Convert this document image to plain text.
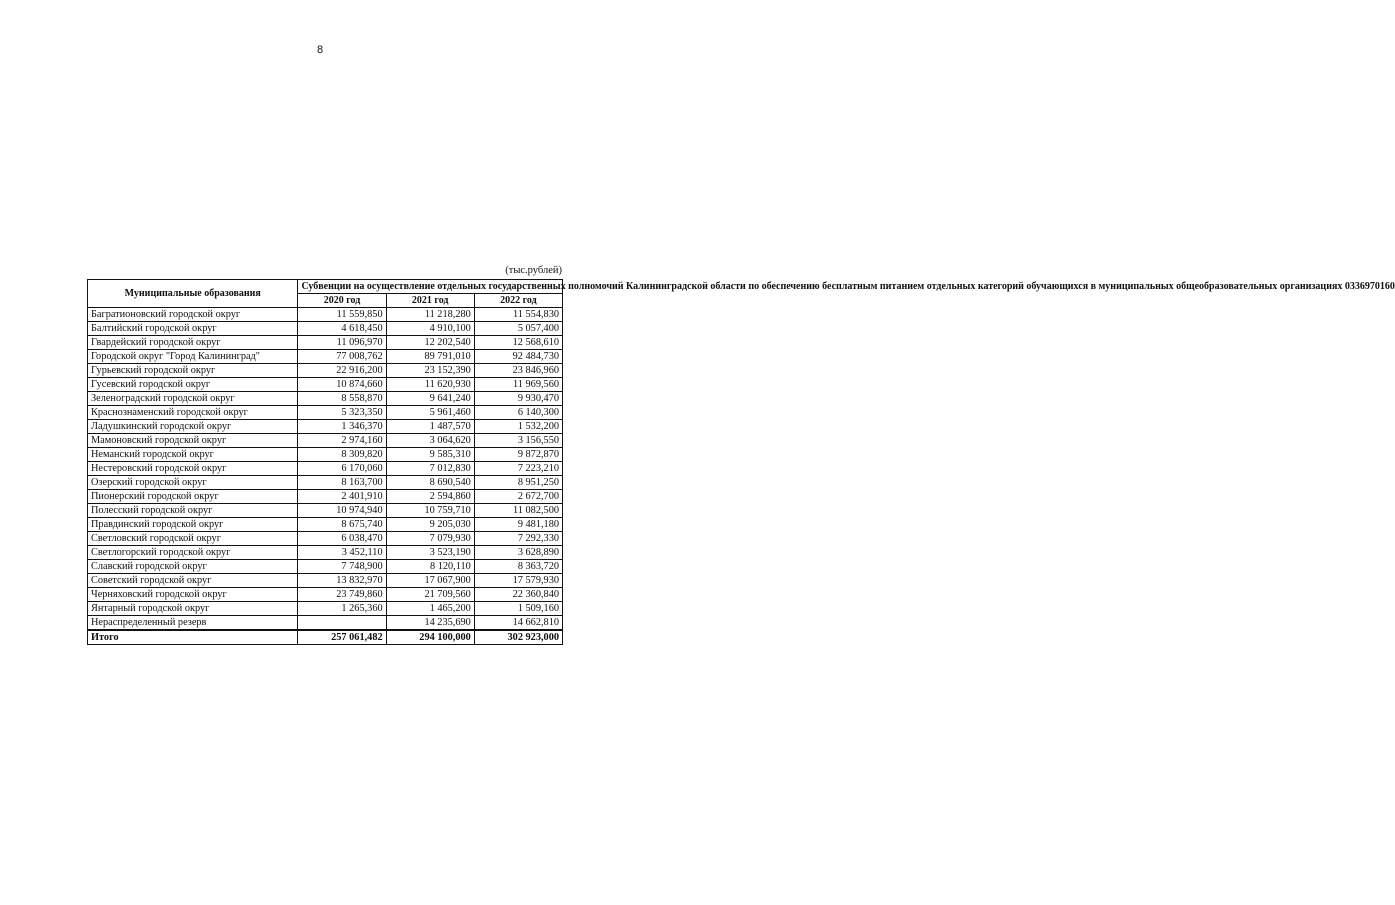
8
(тыс.рублей)
Муниципальные образования	Субвенции на осуществление отдельных государственных полномочий Калининградской области по обеспечению бесплатным питанием отдельных категорий обучающихся в муниципальных общеобразовательных организациях 0336970160		
	2020 год	2021 год	2022 год
Багратионовский городской округ	11 559,850	11 218,280	11 554,830
Балтийский городской округ	4 618,450	4 910,100	5 057,400
Гвардейский городской округ	11 096,970	12 202,540	12 568,610
Городской округ "Город Калининград"	77 008,762	89 791,010	92 484,730
Гурьевский городской округ	22 916,200	23 152,390	23 846,960
Гусевский городской округ	10 874,660	11 620,930	11 969,560
Зеленоградский городской округ	8 558,870	9 641,240	9 930,470
Краснознаменский городской округ	5 323,350	5 961,460	6 140,300
Ладушкинский городской округ	1 346,370	1 487,570	1 532,200
Мамоновский городской округ	2 974,160	3 064,620	3 156,550
Неманский городской округ	8 309,820	9 585,310	9 872,870
Нестеровский городской округ	6 170,060	7 012,830	7 223,210
Озерский городской округ	8 163,700	8 690,540	8 951,250
Пионерский городской округ	2 401,910	2 594,860	2 672,700
Полесский городской округ	10 974,940	10 759,710	11 082,500
Правдинский городской округ	8 675,740	9 205,030	9 481,180
Светловский городской округ	6 038,470	7 079,930	7 292,330
Светлогорский городской округ	3 452,110	3 523,190	3 628,890
Славский городской округ	7 748,900	8 120,110	8 363,720
Советский городской округ	13 832,970	17 067,900	17 579,930
Черняховский городской округ	23 749,860	21 709,560	22 360,840
Янтарный городской округ	1 265,360	1 465,200	1 509,160
Нераспределенный резерв		14 235,690	14 662,810
Итого	257 061,482	294 100,000	302 923,000
